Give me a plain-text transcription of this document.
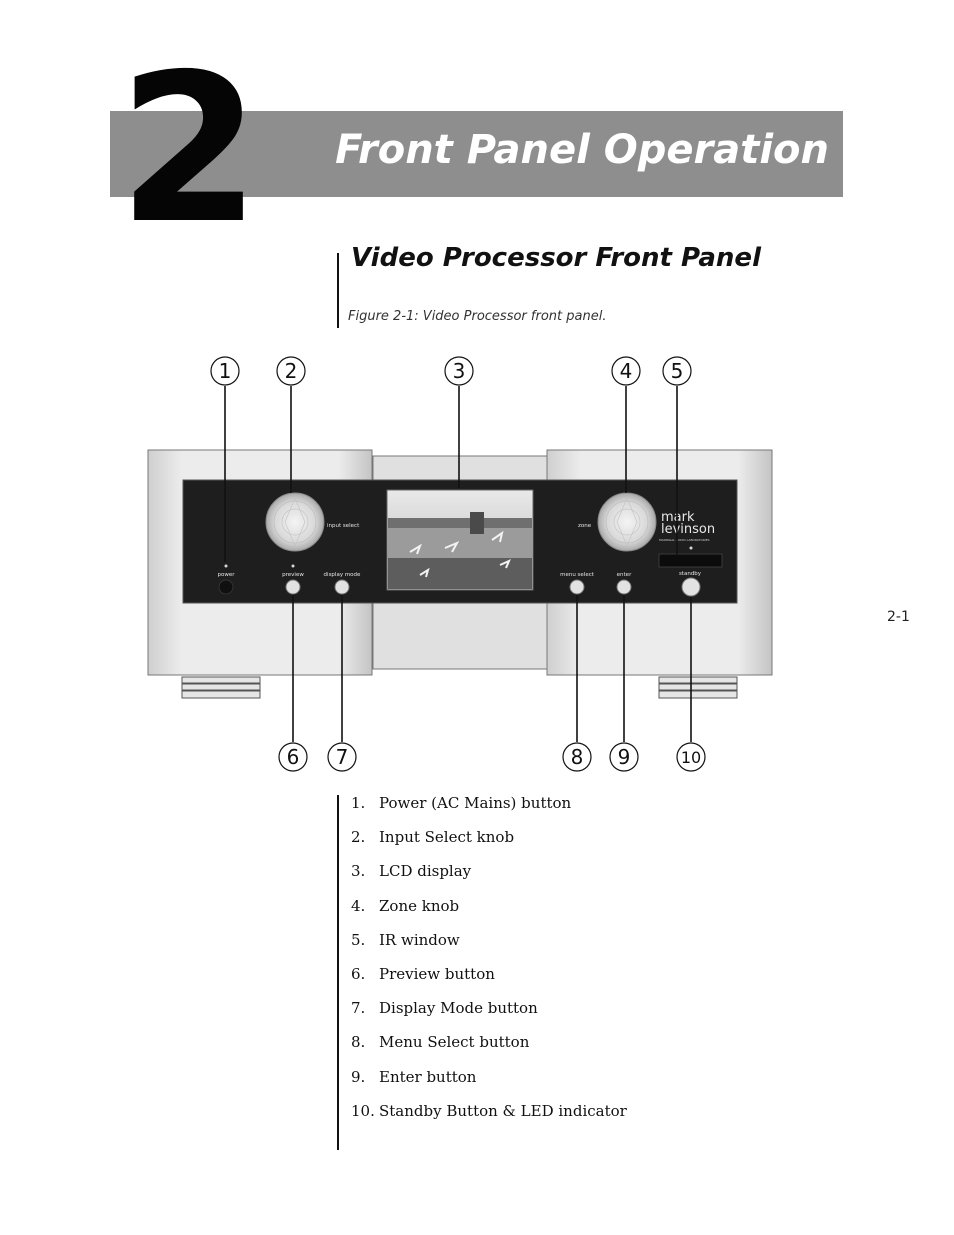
2 Front Panel Operation
Video Processor Front Panel
Figure 2-1: Video Processor front panel.
power	preview	display mode
input select	zone
menu select	enter	standby
mark
levinson
MADRIGAL AUDIO LABORATORIES
1	2	3	4 5
6 7	8 9	10
2-1
1. Power (AC Mains) button
2. Input Select knob
3. LCD display
4. Zone knob
5. IR window
6. Preview button
7. Display Mode button
8. Menu Select button
9. Enter button
10. Standby Button & LED indicator
